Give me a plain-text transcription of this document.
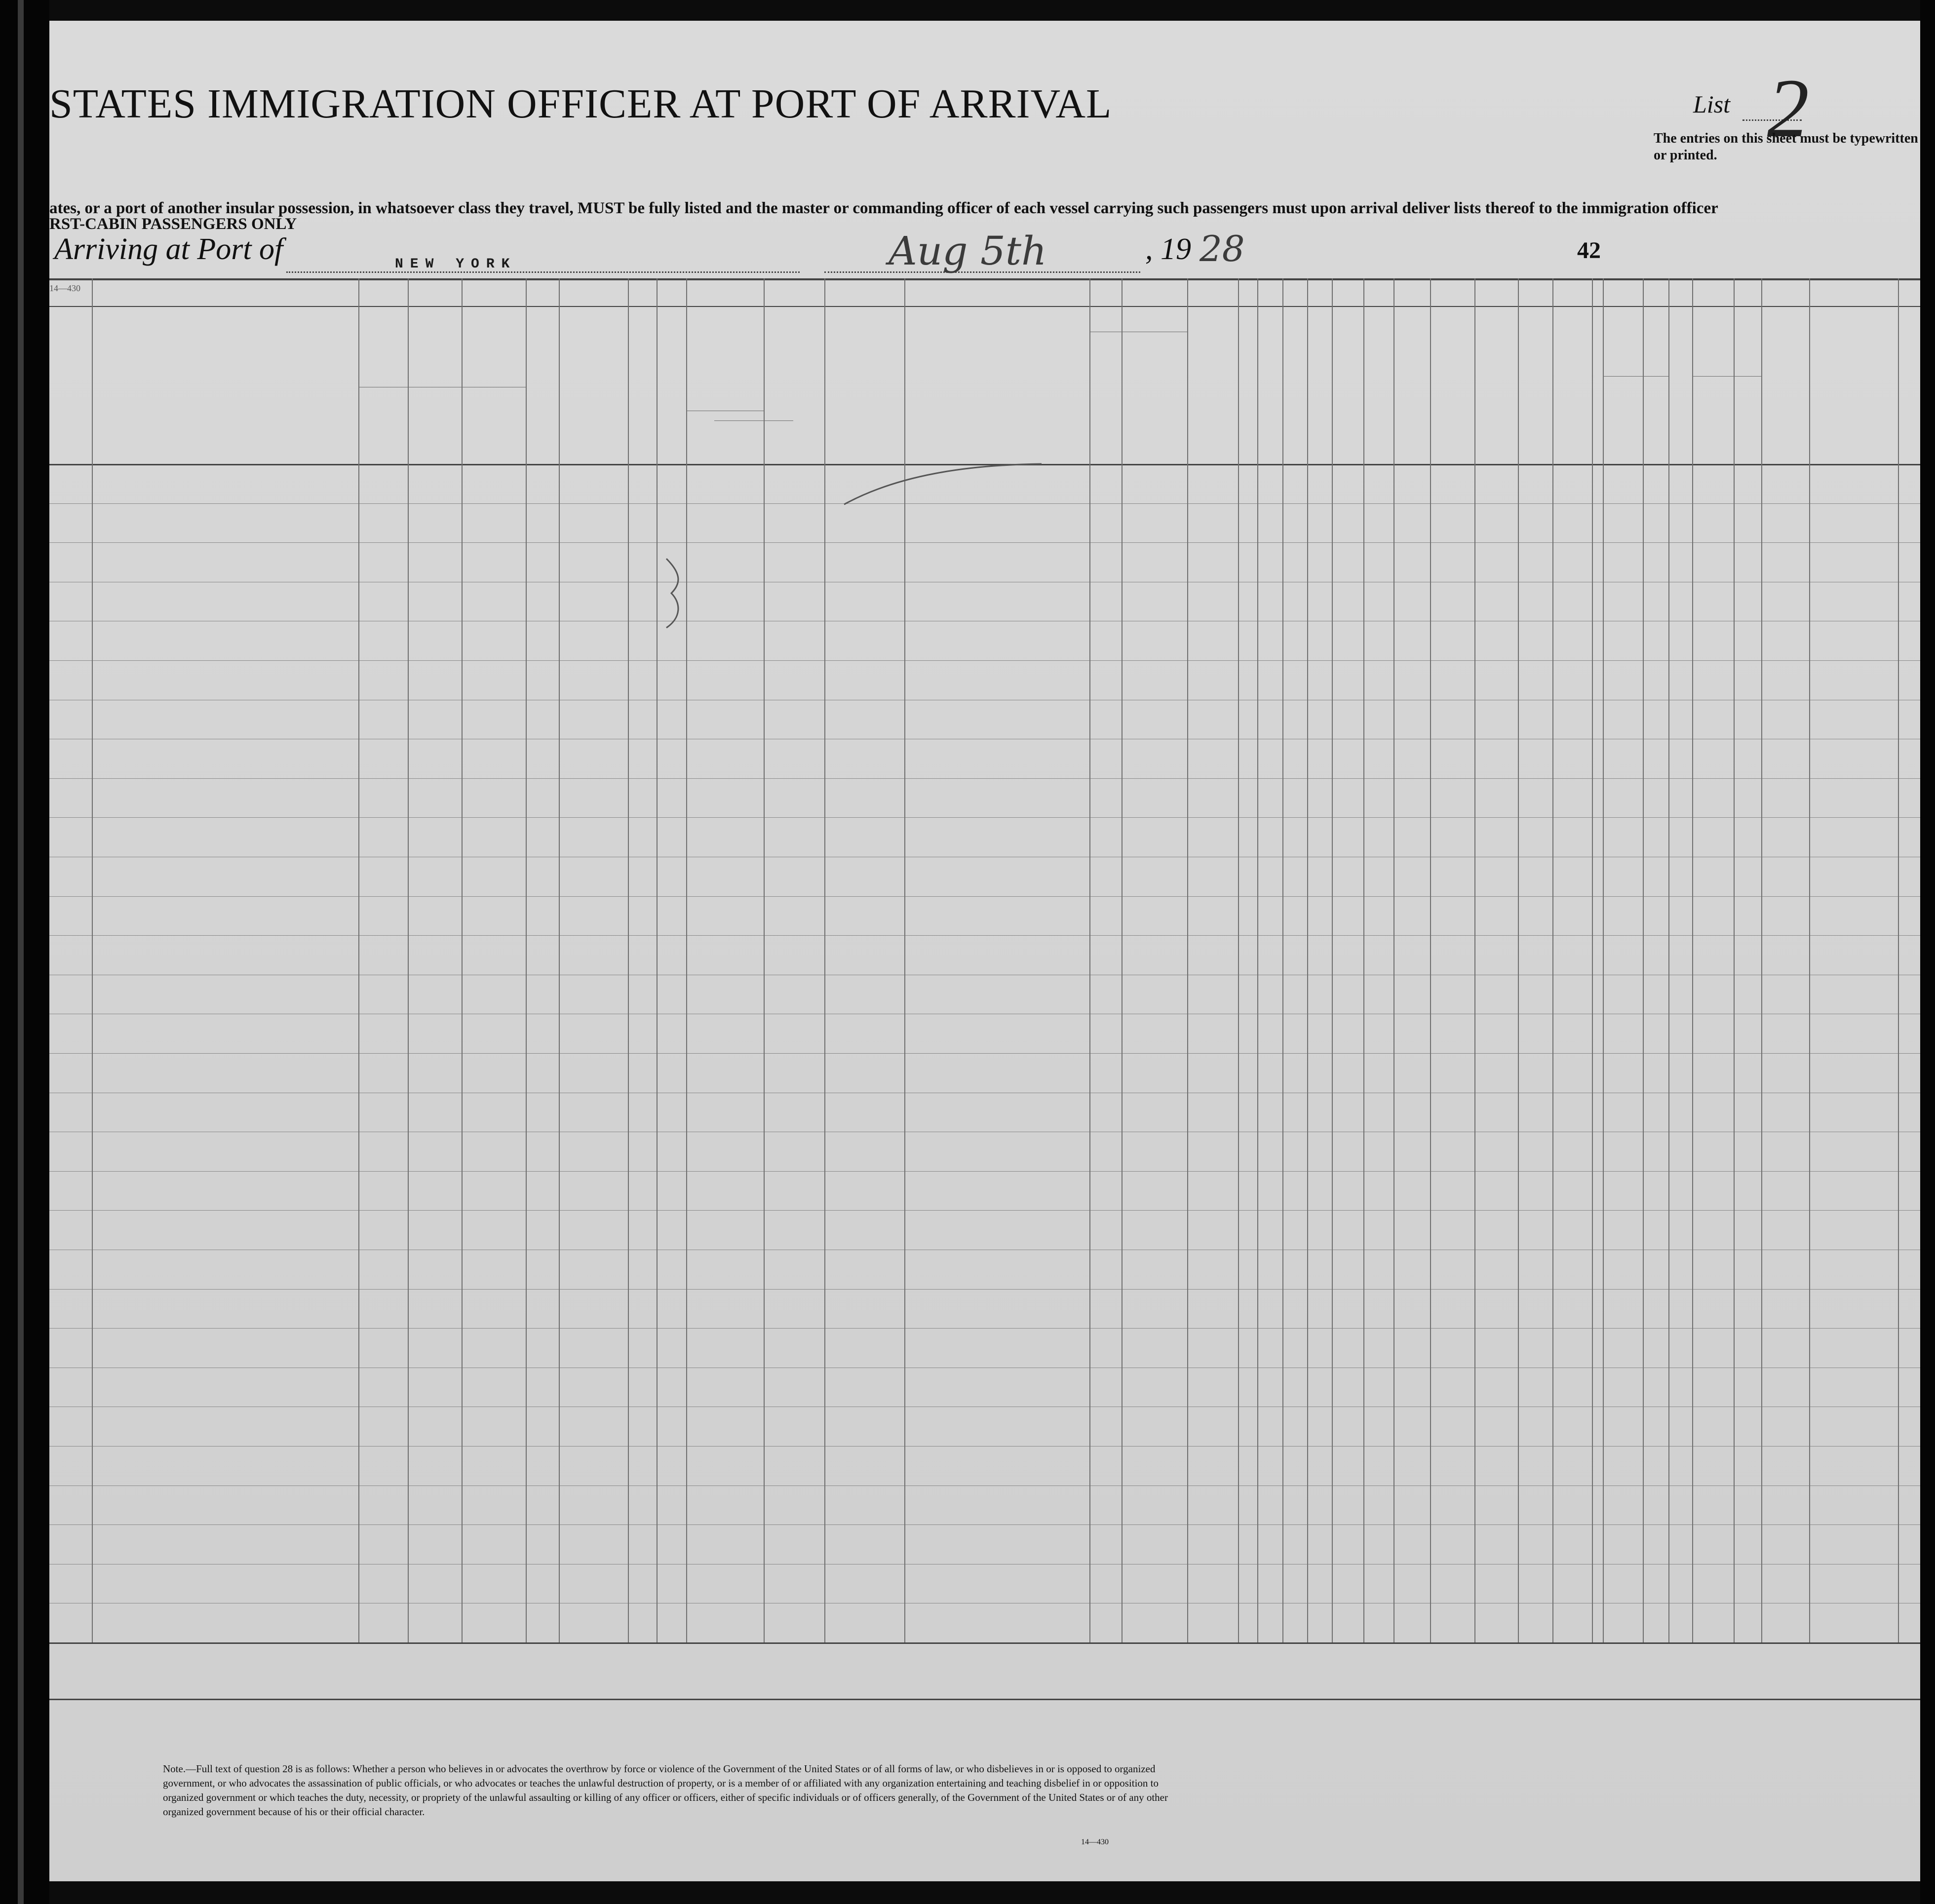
STATES IMMIGRATION OFFICER AT PORT OF ARRIVAL
ates, or a port of another insular possession, in whatsoever class they travel, MUST be fully listed and the master or commanding officer of each vessel carrying such passengers must upon arrival deliver lists thereof to the immigration officer
RST-CABIN PASSENGERS ONLY
Arriving at Port of	NEW YORK	Aug 5th	, 19 28	42
14—430
List 2
The entries on this sheet must be typewritten or printed.
Note.—Full text of question 28 is as follows: Whether a person who believes in or advocates the overthrow by force or violence of the Government of the United States or of all forms of law, or who disbelieves in or is opposed to organized government, or who advocates the assassination of public officials, or who advocates or teaches the unlawful destruction of property, or is a member of or affiliated with any organization entertaining and teaching disbelief in or opposition to organized government or which teaches the duty, necessity, or propriety of the unlawful assaulting or killing of any officer or officers, either of specific individuals or of officers generally, of the Government of the United States or of any other organized government because of his or their official character.
14—430
